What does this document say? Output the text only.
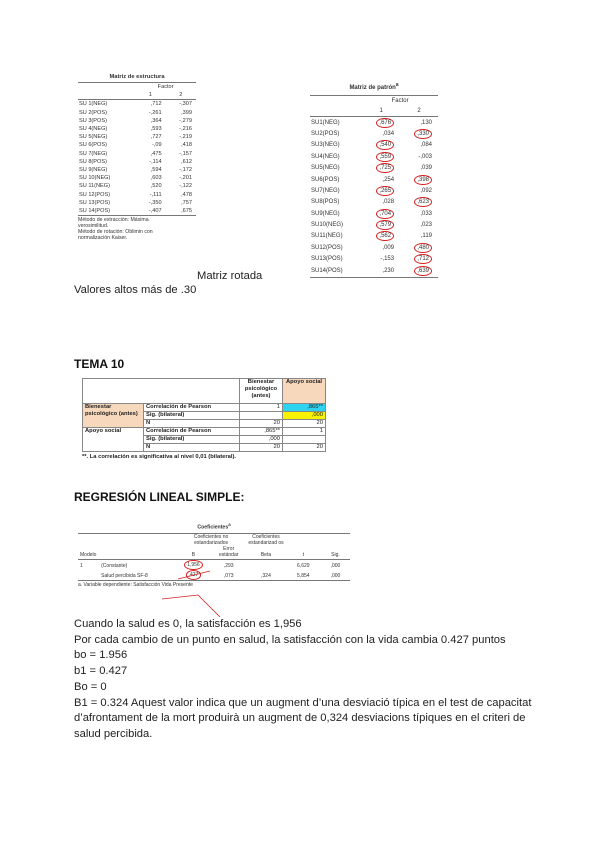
Matriz de estructura
	Factor	
	1	2
SU 1(NEG)	,712	-,307
SU 2(POS)	-,261	,399
SU 3(POS)	,364	-,279
SU 4(NEG)	,593	-,216
SU 5(NEG)	,727	-,219
SU 6(POS)	-,09	,418
SU 7(NEG)	,475	-,157
SU 8(POS)	-,114	,612
SU 9(NEG)	,594	-,172
SU 10(NEG)	,603	-,201
SU 11(NEG)	,520	-,122
SU 12(POS)	-,111	,478
SU 13(POS)	-,350	,757
SU 14(POS)	-,407	,675
Método de extracción: Máxima
verosimilitud.
Método de rotación: Oblimin con
normalización Kaiser.
Matriz rotada
Valores altos más de .30
Matriz de patrón$^a$
	Factor	
	1	2
SU1(NEG)	,676	,130
SU2(POS)	,034	,330
SU3(NEG)	,540	,084
SU4(NEG)	,559	-,003
SU5(NEG)	,725	,039
SU6(POS)	,254	,398
SU7(NEG)	,265	,092
SU8(POS)	,028	,623
SU9(NEG)	,704	,033
SU10(NEG)	,579	,023
SU11(NEG)	,562	,119
SU12(POS)	,009	,480
SU13(POS)	-,153	,712
SU14(POS)	,230	,639
TEMA 10
		Bienestar psicológico (antes)	Apoyo social
Bienestar psicológico (antes)	Correlación de Pearson	1	,865**
	Sig. (bilateral)		,000
	N	20	20
Apoyo social	Correlación de Pearson	,865**	1
	Sig. (bilateral)	,000	
	N	20	20
**. La correlación es significativa al nivel 0,01 (bilateral).
REGRESIÓN LINEAL SIMPLE:
Coeficientes$^a$
		Coeficientes no estandarizados		Coeficientes estandarizad os		
Modelo		B	Error estándar	Beta	t	Sig.
1	(Constante)	1,956	,293		6,629	,000
	Salud percibida SF-8	,427	,073	,324	5,854	,000
a. Variable dependiente: Satisfacción Vida Presente
Cuando la salud es 0, la satisfacción es 1,956
Por cada cambio de un punto en salud, la satisfacción con la vida cambia 0.427 puntos
bo = 1.956
b1 = 0.427
Bo = 0
B1 = 0.324 Aquest valor indica que un augment d’una desviació típica en el test de capacitat
d’afrontament de la mort produirà un augment de 0,324 desviacions típiques en el criteri de
salud percibida.
